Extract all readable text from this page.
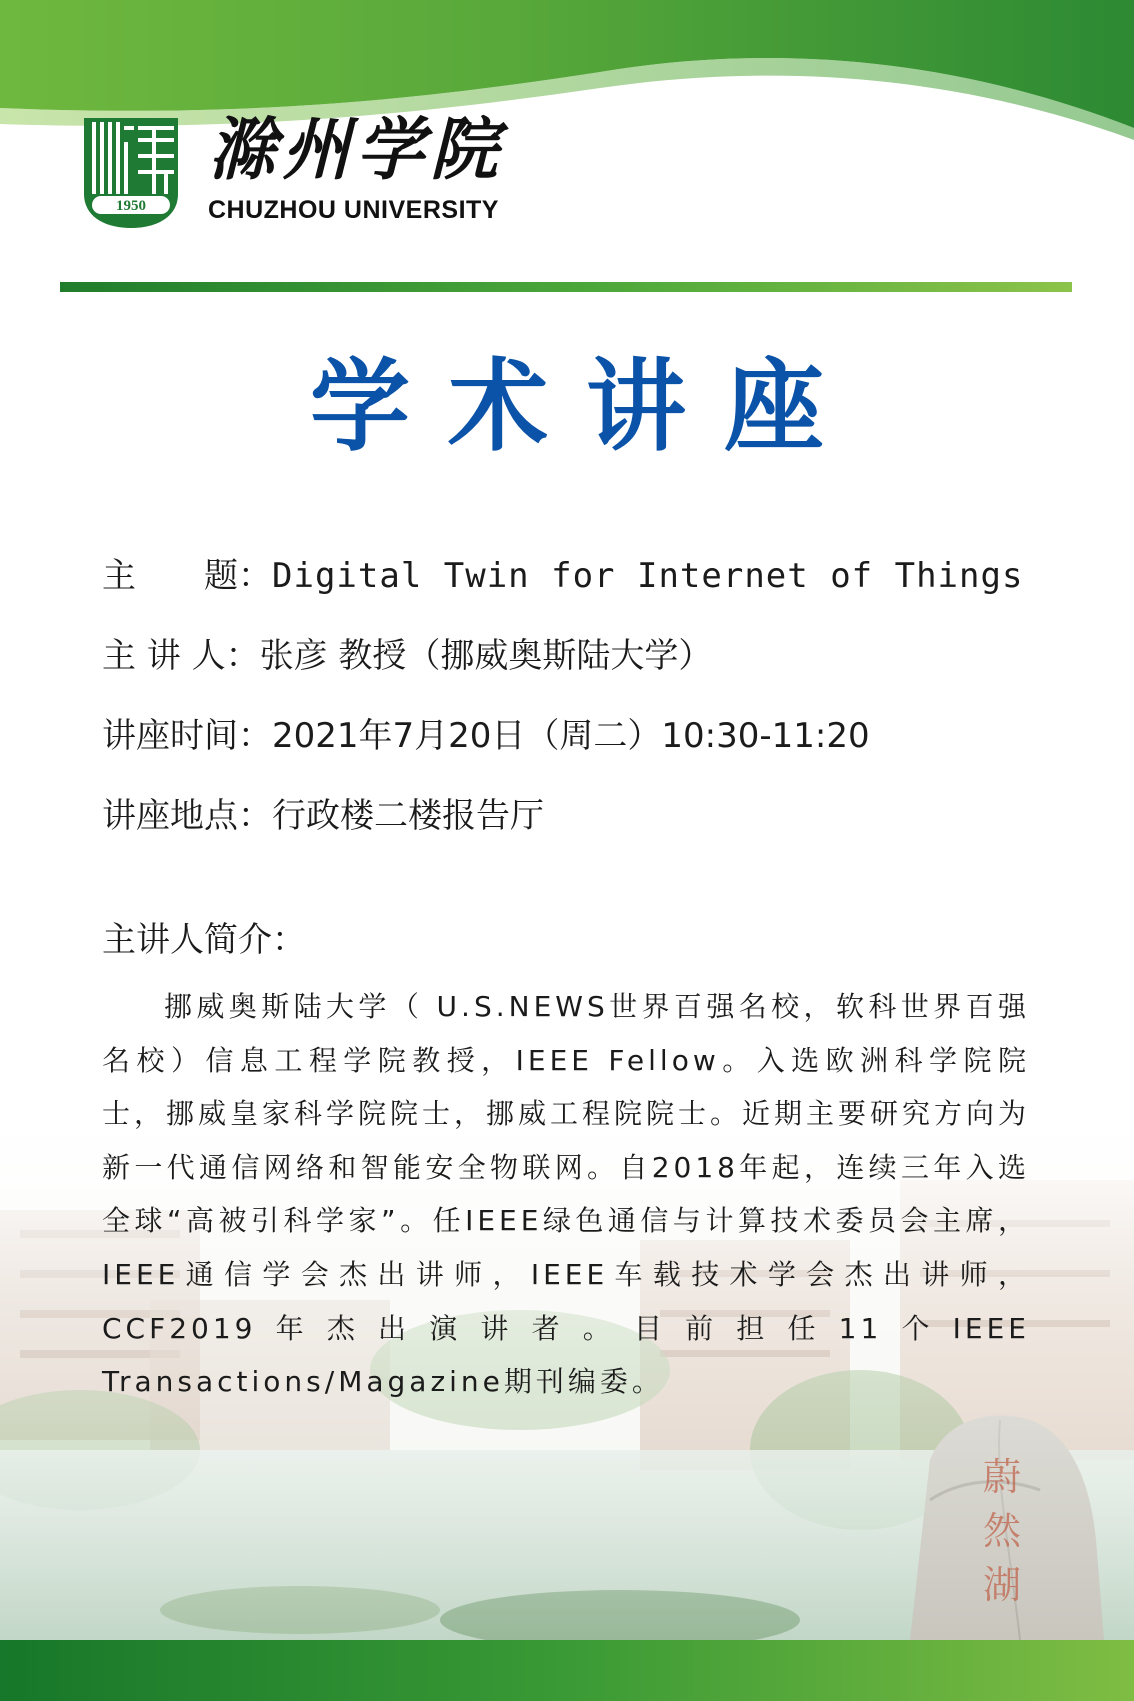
1950
滁州学院
CHUZHOU UNIVERSITY
学术讲座
主　　题： Digital Twin for Internet of Things
主 讲 人： 张彦 教授（挪威奥斯陆大学）
讲座时间： 2021年7月20日（周二）10:30-11:20
讲座地点： 行政楼二楼报告厅
主讲人简介：
挪威奥斯陆大学（ U.S.NEWS世界百强名校，软科世界百强名校）信息工程学院教授，IEEE Fellow。入选欧洲科学院院士，挪威皇家科学院院士，挪威工程院院士。近期主要研究方向为新一代通信网络和智能安全物联网。自2018年起，连续三年入选全球“高被引科学家”。任IEEE绿色通信与计算技术委员会主席，IEEE通信学会杰出讲师，IEEE车载技术学会杰出讲师，CCF2019年杰出演讲者。目前担任11个IEEE Transactions/Magazine期刊编委。
蔚然湖
